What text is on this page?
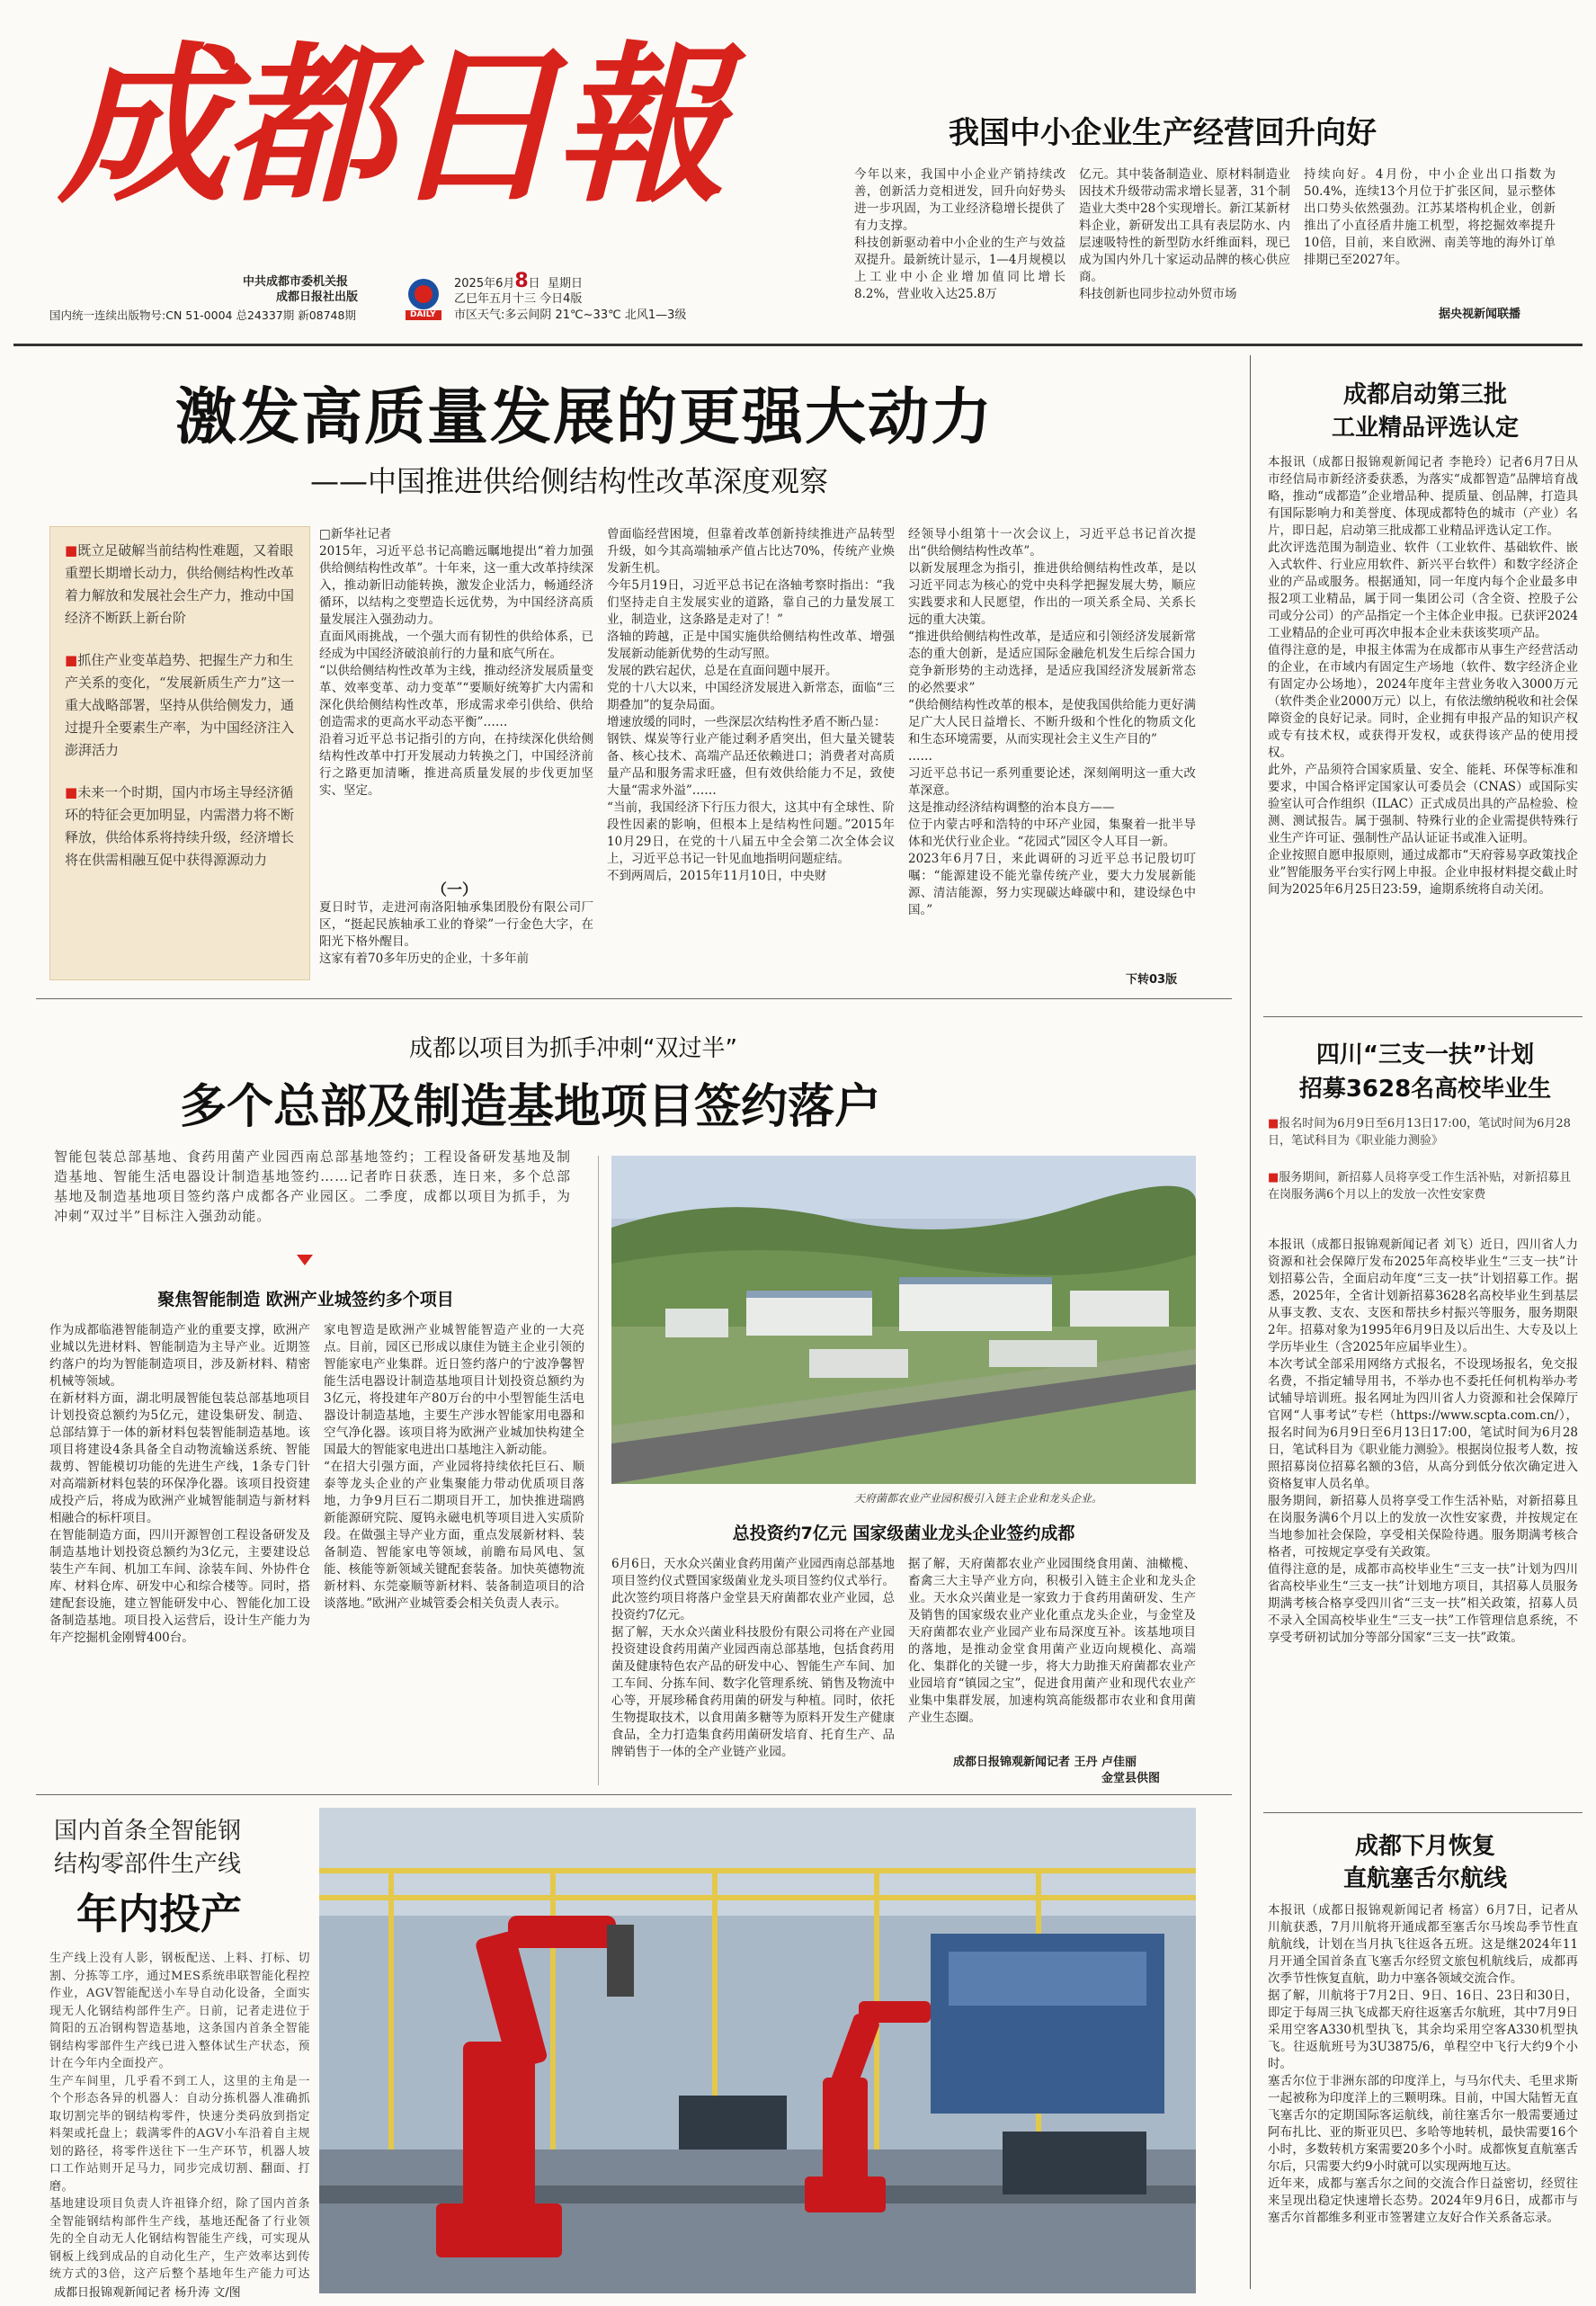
成都日報
中共成都市委机关报
成都日报社出版
国内统一连续出版物号:CN 51-0004 总24337期 新08748期	DAILY
2025年6月8日 星期日
乙巳年五月十三 今日4版
市区天气:多云间阴 21℃~33℃ 北风1—3级
我国中小企业生产经营回升向好
今年以来，我国中小企业产销持续改善，创新活力竞相迸发，回升向好势头进一步巩固，为工业经济稳增长提供了有力支撑。
科技创新驱动着中小企业的生产与效益双提升。最新统计显示，1—4月规模以上工业中小企业增加值同比增长8.2%，营业收入达25.8万
亿元。其中装备制造业、原材料制造业因技术升级带动需求增长显著，31个制造业大类中28个实现增长。新江某新材料企业，新研发出工具有表层防水、内层速吸特性的新型防水纤维面料，现已成为国内外几十家运动品牌的核心供应商。
科技创新也同步拉动外贸市场
持续向好。4月份，中小企业出口指数为50.4%，连续13个月位于扩张区间，显示整体出口势头依然强劲。江苏某塔构机企业，创新推出了小直径盾井施工机型，将挖掘效率提升10倍，目前，来自欧洲、南美等地的海外订单排期已至2027年。
据央视新闻联播
激发高质量发展的更强大动力
——中国推进供给侧结构性改革深度观察
■既立足破解当前结构性难题，又着眼重塑长期增长动力，供给侧结构性改革着力解放和发展社会生产力，推动中国经济不断跃上新台阶
■抓住产业变革趋势、把握生产力和生产关系的变化，“发展新质生产力”这一重大战略部署，坚持从供给侧发力，通过提升全要素生产率，为中国经济注入澎湃活力
■未来一个时期，国内市场主导经济循环的特征会更加明显，内需潜力将不断释放，供给体系将持续升级，经济增长将在供需相融互促中获得源源动力
□新华社记者
2015年，习近平总书记高瞻远瞩地提出“着力加强供给侧结构性改革”。十年来，这一重大改革持续深入，推动新旧动能转换，激发企业活力，畅通经济循环，以结构之变塑造长远优势，为中国经济高质量发展注入强劲动力。
直面风雨挑战，一个强大而有韧性的供给体系，已经成为中国经济破浪前行的力量和底气所在。
“以供给侧结构性改革为主线，推动经济发展质量变革、效率变革、动力变革”“要顺好统筹扩大内需和深化供给侧结构性改革，形成需求牵引供给、供给创造需求的更高水平动态平衡”……
沿着习近平总书记指引的方向，在持续深化供给侧结构性改革中打开发展动力转换之门，中国经济前行之路更加清晰，推进高质量发展的步伐更加坚实、坚定。
（一）
夏日时节，走进河南洛阳轴承集团股份有限公司厂区，“挺起民族轴承工业的脊梁”一行金色大字，在阳光下格外醒目。
这家有着70多年历史的企业，十多年前
曾面临经营困境，但靠着改革创新持续推进产品转型升级，如今其高端轴承产值占比达70%，传统产业焕发新生机。
今年5月19日，习近平总书记在洛轴考察时指出：“我们坚持走自主发展实业的道路，靠自己的力量发展工业，制造业，这条路是走对了！”
洛轴的跨越，正是中国实施供给侧结构性改革、增强发展新动能新优势的生动写照。
发展的跌宕起伏，总是在直面问题中展开。
党的十八大以来，中国经济发展进入新常态，面临“三期叠加”的复杂局面。
增速放缓的同时，一些深层次结构性矛盾不断凸显：
钢铁、煤炭等行业产能过剩矛盾突出，但大量关键装备、核心技术、高端产品还依赖进口；消费者对高质量产品和服务需求旺盛，但有效供给能力不足，致使大量“需求外溢”……
“当前，我国经济下行压力很大，这其中有全球性、阶段性因素的影响，但根本上是结构性问题。”2015年10月29日，在党的十八届五中全会第二次全体会议上，习近平总书记一针见血地指明问题症结。
不到两周后，2015年11月10日，中央财
经领导小组第十一次会议上，习近平总书记首次提出“供给侧结构性改革”。
以新发展理念为指引，推进供给侧结构性改革，是以习近平同志为核心的党中央科学把握发展大势，顺应实践要求和人民愿望，作出的一项关系全局、关系长远的重大决策。
“推进供给侧结构性改革，是适应和引领经济发展新常态的重大创新，是适应国际金融危机发生后综合国力竞争新形势的主动选择，是适应我国经济发展新常态的必然要求”
“供给侧结构性改革的根本，是使我国供给能力更好满足广大人民日益增长、不断升级和个性化的物质文化和生态环境需要，从而实现社会主义生产目的”
……
习近平总书记一系列重要论述，深刻阐明这一重大改革深意。
这是推动经济结构调整的治本良方——
位于内蒙古呼和浩特的中环产业园，集聚着一批半导体和光伏行业企业。“花园式”园区令人耳目一新。
2023年6月7日，来此调研的习近平总书记殷切叮嘱：“能源建设不能光靠传统产业，要大力发展新能源、清洁能源，努力实现碳达峰碳中和，建设绿色中国。”
下转03版
成都以项目为抓手冲刺“双过半”
多个总部及制造基地项目签约落户
智能包装总部基地、食药用菌产业园西南总部基地签约；工程设备研发基地及制造基地、智能生活电器设计制造基地签约……记者昨日获悉，连日来，多个总部基地及制造基地项目签约落户成都各产业园区。二季度，成都以项目为抓手，为冲刺“双过半”目标注入强劲动能。
聚焦智能制造 欧洲产业城签约多个项目
作为成都临港智能制造产业的重要支撑，欧洲产业城以先进材料、智能制造为主导产业。近期签约落户的均为智能制造项目，涉及新材料、精密机械等领域。
在新材料方面，湖北明晟智能包装总部基地项目计划投资总额约为5亿元，建设集研发、制造、总部结算于一体的新材料包装智能制造基地。该项目将建设4条具备全自动物流输送系统、智能裁剪、智能模切功能的先进生产线，1条专门针对高端新材料包装的环保净化器。该项目投资建成投产后，将成为欧洲产业城智能制造与新材料相融合的标杆项目。
在智能制造方面，四川开源智创工程设备研发及制造基地计划投资总额约为3亿元，主要建设总装生产车间、机加工车间、涂装车间、外协件仓库、材料仓库、研发中心和综合楼等。同时，搭建配套设施，建立智能研发中心、智能化加工设备制造基地。项目投入运营后，设计生产能力为年产挖掘机金刚臂400台。
家电智造是欧洲产业城智能智造产业的一大亮点。目前，园区已形成以康佳为链主企业引领的智能家电产业集群。近日签约落户的宁波净馨智能生活电器设计制造基地项目计划投资总额约为3亿元，将投建年产80万台的中小型智能生活电器设计制造基地，主要生产涉水智能家用电器和空气净化器。该项目将为欧洲产业城加快构建全国最大的智能家电进出口基地注入新动能。
“在招大引强方面，产业园将持续依托巨石、顺泰等龙头企业的产业集聚能力带动优质项目落地，力争9月巨石二期项目开工，加快推进瑞鸥新能源研究院、厦钨永磁电机等项目进入实质阶段。在做强主导产业方面，重点发展新材料、装备制造、智能家电等领域，前瞻布局风电、氢能、核能等新领域关键配套装备。加快英德物流新材料、东莞豪顺等新材料、装备制造项目的洽谈落地。”欧洲产业城管委会相关负责人表示。
天府菌都农业产业园积极引入链主企业和龙头企业。
总投资约7亿元 国家级菌业龙头企业签约成都
6月6日，天水众兴菌业食药用菌产业园西南总部基地项目签约仪式暨国家级菌业龙头项目签约仪式举行。此次签约项目将落户金堂县天府菌都农业产业园，总投资约7亿元。
据了解，天水众兴菌业科技股份有限公司将在产业园投资建设食药用菌产业园西南总部基地，包括食药用菌及健康特色农产品的研发中心、智能生产车间、加工车间、分拣车间、数字化管理系统、销售及物流中心等，开展珍稀食药用菌的研发与种植。同时，依托生物提取技术，以食用菌多糖等为原料开发生产健康食品，全力打造集食药用菌研发培育、托育生产、品牌销售于一体的全产业链产业园。
据了解，天府菌都农业产业园围绕食用菌、油橄榄、畜禽三大主导产业方向，积极引入链主企业和龙头企业。天水众兴菌业是一家致力于食药用菌研发、生产及销售的国家级农业产业化重点龙头企业，与金堂及天府菌都农业产业园产业布局深度互补。该基地项目的落地，是推动金堂食用菌产业迈向规模化、高端化、集群化的关键一步，将大力助推天府菌都农业产业园培育“镇园之宝”，促进食用菌产业和现代农业产业集中集群发展，加速构筑高能级都市农业和食用菌产业生态圈。
成都日报锦观新闻记者 王丹 卢佳丽
金堂县供图
国内首条全智能钢
结构零部件生产线
年内投产
生产线上没有人影，钢板配送、上料、打标、切割、分拣等工序，通过MES系统串联智能化程控作业，AGV智能配送小车导自动化设备，全面实现无人化钢结构部件生产。日前，记者走进位于简阳的五冶钢构智造基地，这条国内首条全智能钢结构零部件生产线已进入整体试生产状态，预计在今年内全面投产。
生产车间里，几乎看不到工人，这里的主角是一个个形态各异的机器人：自动分拣机器人准确抓取切割完毕的钢结构零件，快速分类码放到指定料架或托盘上；载满零件的AGV小车沿着自主规划的路径，将零件送往下一生产环节，机器人坡口工作站则开足马力，同步完成切割、翻面、打磨。
基地建设项目负责人许祖锋介绍，除了国内首条全智能钢结构部件生产线，基地还配备了行业领先的全自动无人化钢结构智能生产线，可实现从钢板上线到成品的自动化生产，生产效率达到传统方式的3倍，这产后整个基地年生产能力可达
成都日报锦观新闻记者 杨升涛 文/图
成都启动第三批
工业精品评选认定
本报讯（成都日报锦观新闻记者 李艳玲）记者6月7日从市经信局市新经济委获悉，为落实“成都智造”品牌培育战略，推动“成都造”企业增品种、提质量、创品牌，打造具有国际影响力和美誉度、体现成都特色的城市（产业）名片，即日起，启动第三批成都工业精品评选认定工作。
此次评选范围为制造业、软件（工业软件、基础软件、嵌入式软件、行业应用软件、新兴平台软件）和数字经济企业的产品或服务。根据通知，同一年度内每个企业最多申报2项工业精品，属于同一集团公司（含全资、控股子公司或分公司）的产品指定一个主体企业申报。已获评2024工业精品的企业可再次申报本企业未获该奖项产品。
值得注意的是，申报主体需为在成都市从事生产经营活动的企业，在市域内有固定生产场地（软件、数字经济企业有固定办公场地），2024年度年主营业务收入3000万元（软件类企业2000万元）以上，有依法缴纳税收和社会保障资金的良好记录。同时，企业拥有申报产品的知识产权或专有技术权，或获得开发权，或获得该产品的使用授权。
此外，产品须符合国家质量、安全、能耗、环保等标准和要求，中国合格评定国家认可委员会（CNAS）或国际实验室认可合作组织（ILAC）正式成员出具的产品检验、检测、测试报告。属于强制、特殊行业的企业需提供特殊行业生产许可证、强制性产品认证证书或准入证明。
企业按照自愿申报原则，通过成都市“天府蓉易享政策找企业”智能服务平台实行网上申报。企业申报材料提交截止时间为2025年6月25日23:59，逾期系统将自动关闭。
四川“三支一扶”计划
招募3628名高校毕业生
■报名时间为6月9日至6月13日17:00，笔试时间为6月28日，笔试科目为《职业能力测验》
■服务期间，新招募人员将享受工作生活补贴，对新招募且在岗服务满6个月以上的发放一次性安家费
本报讯（成都日报锦观新闻记者 刘飞）近日，四川省人力资源和社会保障厅发布2025年高校毕业生“三支一扶”计划招募公告，全面启动年度“三支一扶”计划招募工作。据悉，2025年，全省计划新招募3628名高校毕业生到基层从事支教、支农、支医和帮扶乡村振兴等服务，服务期限2年。招募对象为1995年6月9日及以后出生、大专及以上学历毕业生（含2025年应届毕业生）。
本次考试全部采用网络方式报名，不设现场报名，免交报名费，不指定辅导用书，不举办也不委托任何机构举办考试辅导培训班。报名网址为四川省人力资源和社会保障厅官网“人事考试”专栏（https://www.scpta.com.cn/），报名时间为6月9日至6月13日17:00，笔试时间为6月28日，笔试科目为《职业能力测验》。根据岗位报考人数，按照招募岗位招募名额的3倍，从高分到低分依次确定进入资格复审人员名单。
服务期间，新招募人员将享受工作生活补贴，对新招募且在岗服务满6个月以上的发放一次性安家费，并按规定在当地参加社会保险，享受相关保险待遇。服务期满考核合格者，可按规定享受有关政策。
值得注意的是，成都市高校毕业生“三支一扶”计划为四川省高校毕业生“三支一扶”计划地方项目，其招募人员服务期满考核合格享受四川省“三支一扶”相关政策，招募人员不录入全国高校毕业生“三支一扶”工作管理信息系统，不享受考研初试加分等部分国家“三支一扶”政策。
成都下月恢复
直航塞舌尔航线
本报讯（成都日报锦观新闻记者 杨富）6月7日，记者从川航获悉，7月川航将开通成都至塞舌尔马埃岛季节性直航航线，计划在当月执飞往返各五班。这是继2024年11月开通全国首条直飞塞舌尔经贸文旅包机航线后，成都再次季节性恢复直航，助力中塞各领域交流合作。
据了解，川航将于7月2日、9日、16日、23日和30日，即定于每周三执飞成都天府往返塞舌尔航班，其中7月9日采用空客A330机型执飞，其余均采用空客A330机型执飞。往返航班号为3U3875/6，单程空中飞行大约9个小时。
塞舌尔位于非洲东部的印度洋上，与马尔代夫、毛里求斯一起被称为印度洋上的三颗明珠。目前，中国大陆暂无直飞塞舌尔的定期国际客运航线，前往塞舌尔一般需要通过阿布扎比、亚的斯亚贝巴、多哈等地转机，最快需要16个小时，多数转机方案需要20多个小时。成都恢复直航塞舌尔后，只需要大约9小时就可以实现两地互达。
近年来，成都与塞舌尔之间的交流合作日益密切，经贸往来呈现出稳定快速增长态势。2024年9月6日，成都市与塞舌尔首都维多利亚市签署建立友好合作关系备忘录。
